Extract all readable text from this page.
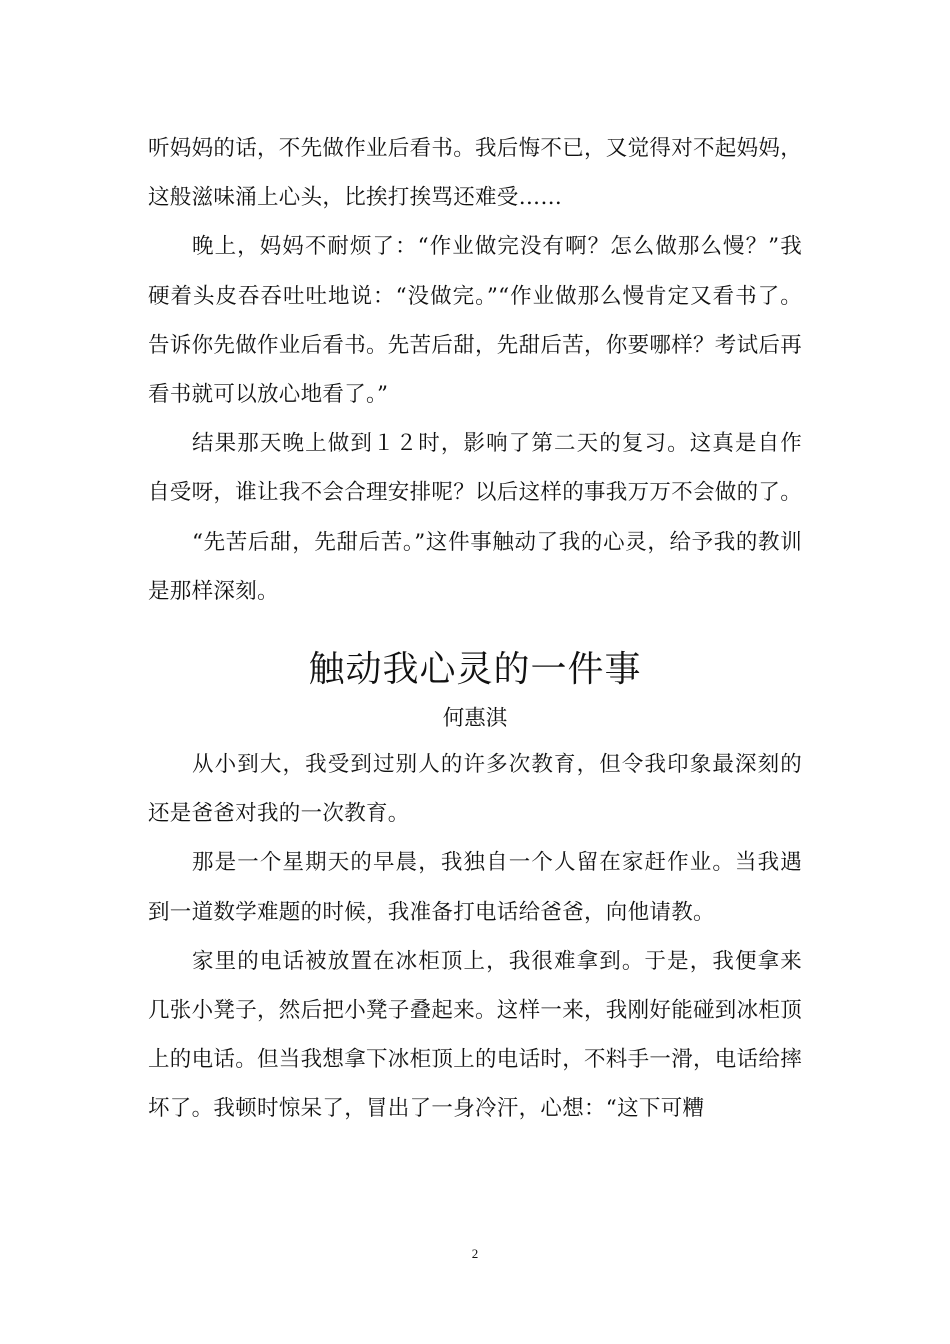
听妈妈的话，不先做作业后看书。我后悔不已，又觉得对不起妈妈，这般滋味涌上心头，比挨打挨骂还难受……

晚上，妈妈不耐烦了：“作业做完没有啊？怎么做那么慢？”我硬着头皮吞吞吐吐地说：“没做完。”“作业做那么慢肯定又看书了。告诉你先做作业后看书。先苦后甜，先甜后苦，你要哪样？考试后再看书就可以放心地看了。”

结果那天晚上做到１２时，影响了第二天的复习。这真是自作自受呀，谁让我不会合理安排呢？以后这样的事我万万不会做的了。

“先苦后甜，先甜后苦。”这件事触动了我的心灵，给予我的教训是那样深刻。

触动我心灵的一件事
何惠淇

从小到大，我受到过别人的许多次教育，但令我印象最深刻的还是爸爸对我的一次教育。

那是一个星期天的早晨，我独自一个人留在家赶作业。当我遇到一道数学难题的时候，我准备打电话给爸爸，向他请教。

家里的电话被放置在冰柜顶上，我很难拿到。于是，我便拿来几张小凳子，然后把小凳子叠起来。这样一来，我刚好能碰到冰柜顶上的电话。但当我想拿下冰柜顶上的电话时，不料手一滑，电话给摔坏了。我顿时惊呆了，冒出了一身冷汗，心想：“这下可糟

2
